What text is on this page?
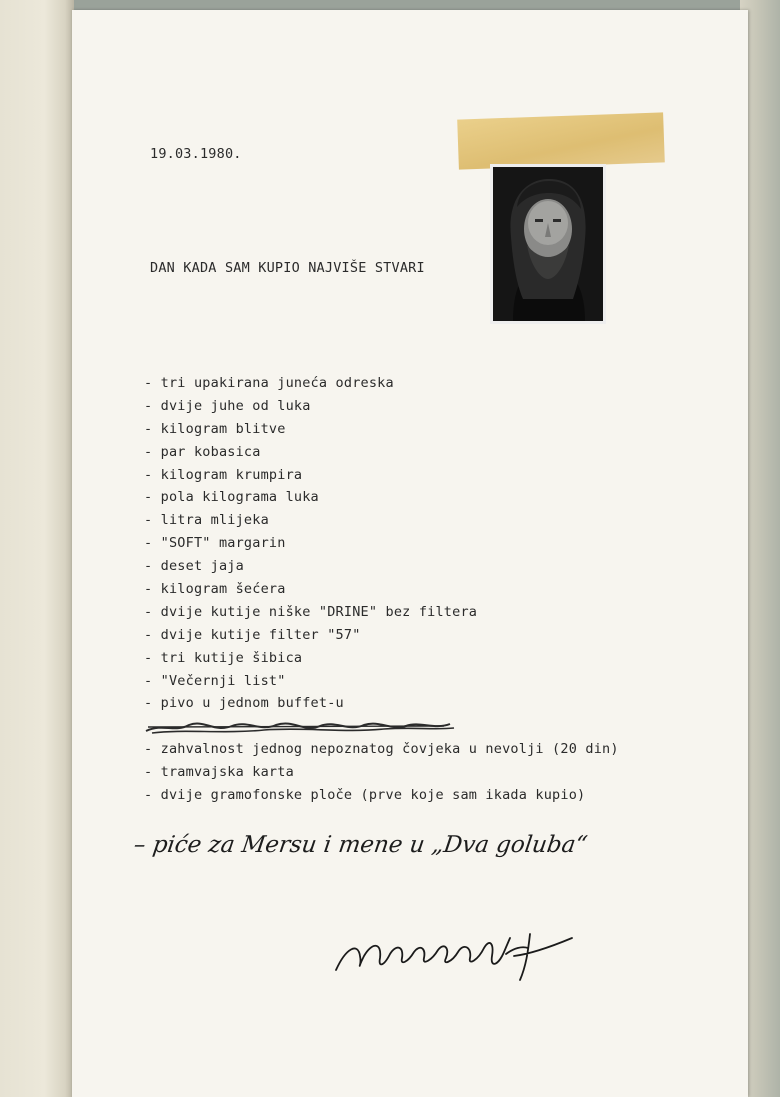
19.03.1980.
DAN KADA SAM KUPIO NAJVIŠE STVARI
- tri upakirana juneća odreska
- dvije juhe od luka
- kilogram blitve
- par kobasica
- kilogram krumpira
- pola kilograma luka
- litra mlijeka
- "SOFT" margarin
- deset jaja
- kilogram šećera
- dvije kutije niške "DRINE" bez filtera
- dvije kutije filter "57"
- tri kutije šibica
- "Večernji list"
- pivo u jednom buffet-u
- zahvalnost jednog nepoznatog čovjeka u nevolji (20 din)
- tramvajska karta
- dvije gramofonske ploče (prve koje sam ikada kupio)
– piće za Mersu i mene u „Dva golubа“
